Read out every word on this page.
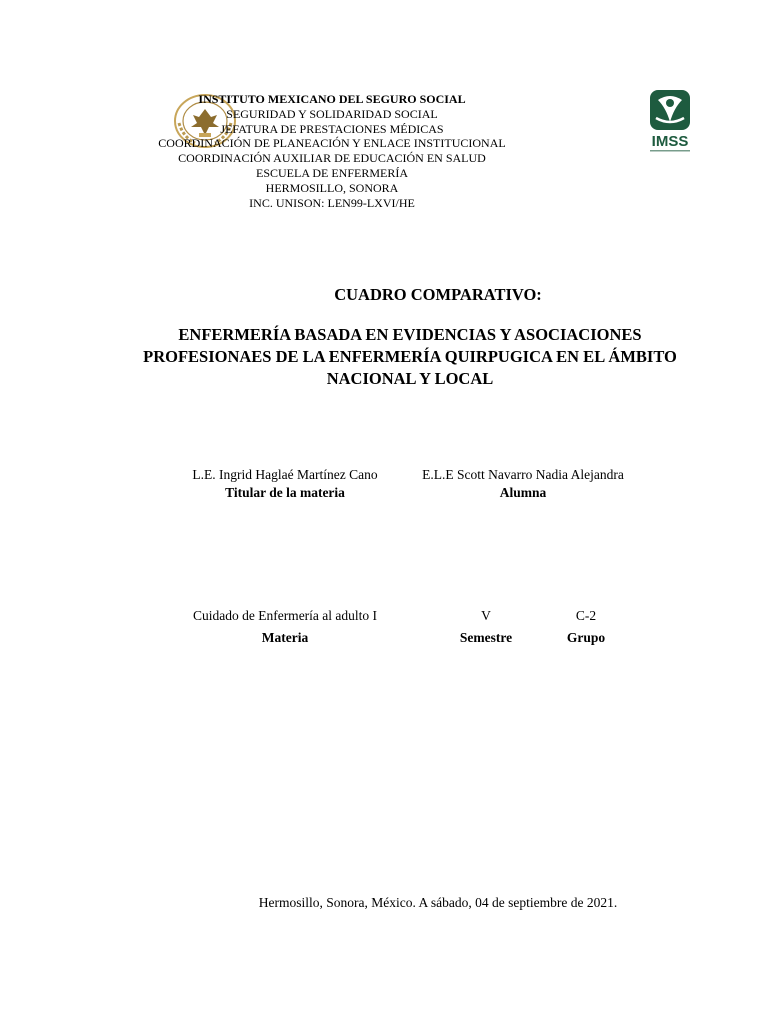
IMSS
INSTITUTO MEXICANO DEL SEGURO SOCIAL
SEGURIDAD Y SOLIDARIDAD SOCIAL
JEFATURA DE PRESTACIONES MÉDICAS
COORDINACIÓN DE PLANEACIÓN Y ENLACE INSTITUCIONAL
COORDINACIÓN AUXILIAR DE EDUCACIÓN EN SALUD
ESCUELA DE ENFERMERÍA
HERMOSILLO, SONORA
INC. UNISON: LEN99-LXVI/HE
CUADRO COMPARATIVO:
ENFERMERÍA BASADA EN EVIDENCIAS Y ASOCIACIONES PROFESIONAES DE LA ENFERMERÍA QUIRPUGICA EN EL ÁMBITO NACIONAL Y LOCAL
L.E. Ingrid Haglaé Martínez Cano
Titular de la materia
E.L.E Scott Navarro Nadia Alejandra
Alumna
Cuidado de Enfermería al adulto I
Materia
V
Semestre
C-2
Grupo
Hermosillo, Sonora, México. A sábado, 04 de septiembre de 2021.
